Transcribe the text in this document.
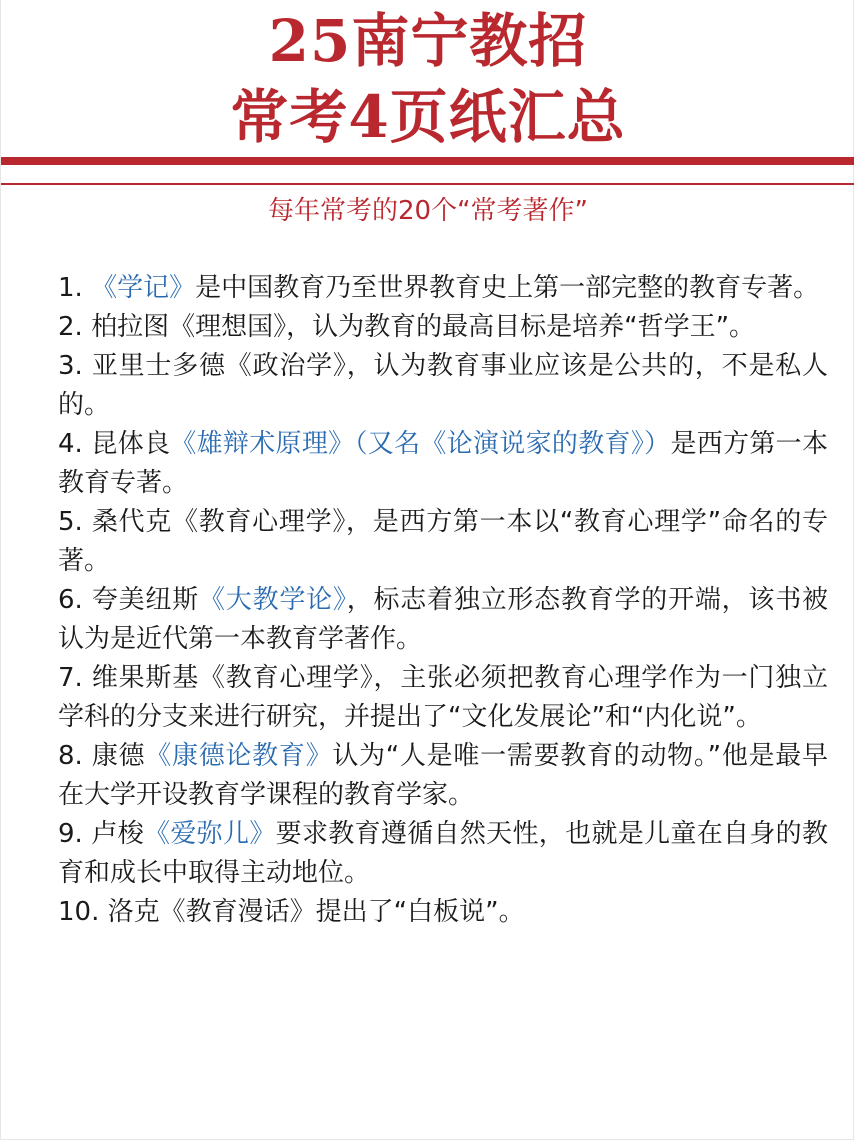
25南宁教招
常考4页纸汇总
每年常考的20个“常考著作”
1. 《学记》是中国教育乃至世界教育史上第一部完整的教育专著。
2. 柏拉图《理想国》，认为教育的最高目标是培养“哲学王”。
3. 亚里士多德《政治学》，认为教育事业应该是公共的，不是私人的。
4. 昆体良《雄辩术原理》（又名《论演说家的教育》）是西方第一本教育专著。
5. 桑代克《教育心理学》，是西方第一本以“教育心理学”命名的专著。
6. 夸美纽斯《大教学论》，标志着独立形态教育学的开端，该书被认为是近代第一本教育学著作。
7. 维果斯基《教育心理学》，主张必须把教育心理学作为一门独立学科的分支来进行研究，并提出了“文化发展论”和“内化说”。
8. 康德《康德论教育》认为“人是唯一需要教育的动物。”他是最早在大学开设教育学课程的教育学家。
9. 卢梭《爱弥儿》要求教育遵循自然天性，也就是儿童在自身的教育和成长中取得主动地位。
10. 洛克《教育漫话》提出了“白板说”。
